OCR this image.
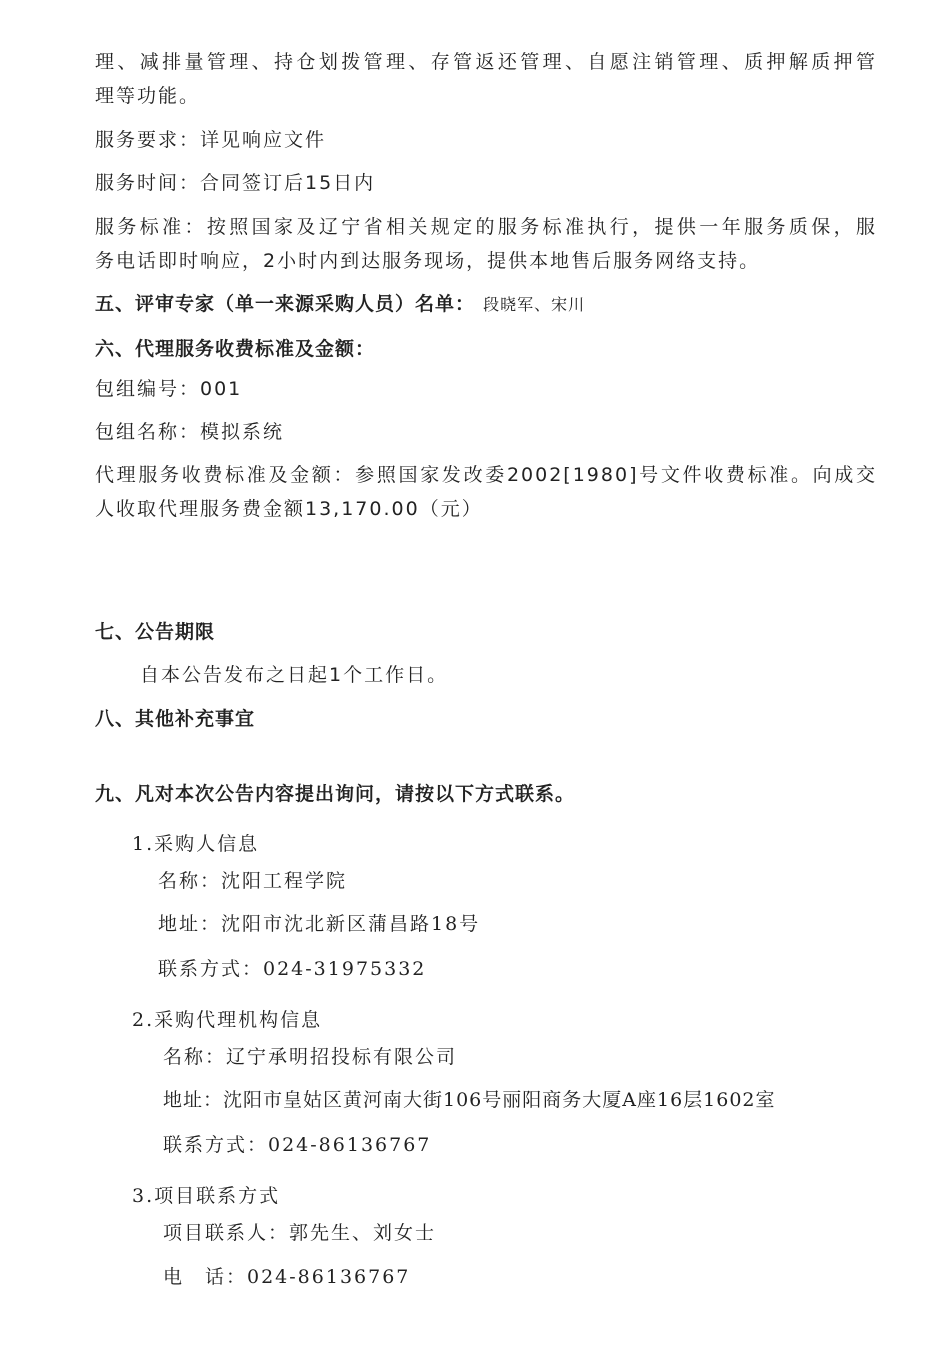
理、减排量管理、持仓划拨管理、存管返还管理、自愿注销管理、质押解质押管
理等功能。
服务要求：详见响应文件
服务时间：合同签订后15日内
服务标准：按照国家及辽宁省相关规定的服务标准执行，提供一年服务质保，服
务电话即时响应，2小时内到达服务现场，提供本地售后服务网络支持。
五、评审专家（单一来源采购人员）名单： 段晓军、宋川
六、代理服务收费标准及金额：
包组编号：001
包组名称：模拟系统
代理服务收费标准及金额：参照国家发改委2002[1980]号文件收费标准。向成交
人收取代理服务费金额13,170.00（元）
七、公告期限
自本公告发布之日起1个工作日。
八、其他补充事宜
九、凡对本次公告内容提出询问，请按以下方式联系。
1.采购人信息
名称：沈阳工程学院
地址：沈阳市沈北新区蒲昌路18号
联系方式：024-31975332
2.采购代理机构信息
名称：辽宁承明招投标有限公司
地址：沈阳市皇姑区黄河南大街106号丽阳商务大厦A座16层1602室
联系方式：024-86136767
3.项目联系方式
项目联系人：郭先生、刘女士
电　话：024-86136767
